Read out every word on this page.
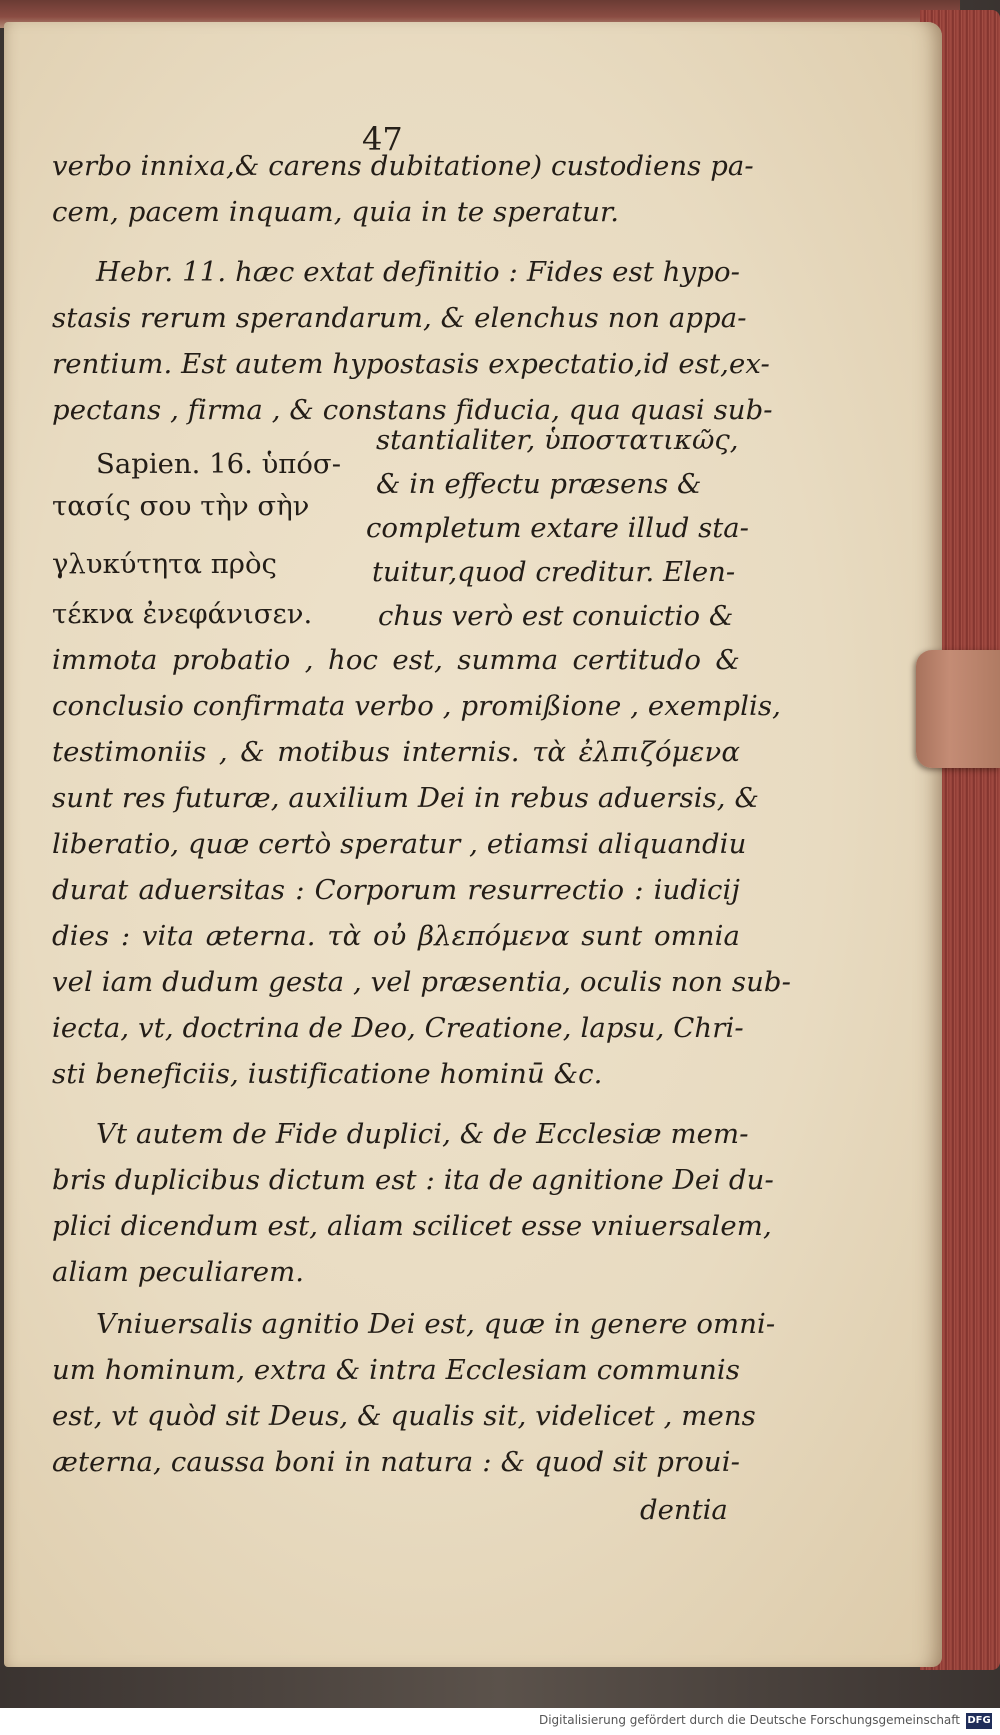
47
verbo innixa,& carens dubitatione) custodiens pa-
cem, pacem inquam, quia in te speratur.
Hebr. 11. hæc extat definitio : Fides est hypo-
stasis rerum sperandarum, & elenchus non appa-
rentium. Est autem hypostasis expectatio,id est,ex-
pectans , firma , & constans fiducia, qua quasi sub-
stantialiter, ὑποστατικῶς,
Sapien. 16. ὑπόσ-
& in effectu præsens &
τασίς σου τὴν σὴν
completum extare illud sta-
γλυκύτητα πρὸς	tuitur,quod creditur. Elen-
τέκνα ἐνεφάνισεν. chus verò est conuictio &
immota probatio , hoc est, summa certitudo &
conclusio confirmata verbo , promißione , exemplis,
testimoniis , & motibus internis. τὰ ἐλπιζόμενα
sunt res futuræ, auxilium Dei in rebus aduersis, &
liberatio, quæ certò speratur , etiamsi aliquandiu
durat aduersitas : Corporum resurrectio : iudicij
dies : vita æterna. τὰ οὐ βλεπόμενα sunt omnia
vel iam dudum gesta , vel præsentia, oculis non sub-
iecta, vt, doctrina de Deo, Creatione, lapsu, Chri-
sti beneficiis, iustificatione hominū &c.
Vt autem de Fide duplici, & de Ecclesiæ mem-
bris duplicibus dictum est : ita de agnitione Dei du-
plici dicendum est, aliam scilicet esse vniuersalem,
aliam peculiarem.
Vniuersalis agnitio Dei est, quæ in genere omni-
um hominum, extra & intra Ecclesiam communis
est, vt quòd sit Deus, & qualis sit, videlicet , mens
æterna, caussa boni in natura : & quod sit proui-
dentia
Digitalisierung gefördert durch die Deutsche Forschungsgemeinschaft DFG
